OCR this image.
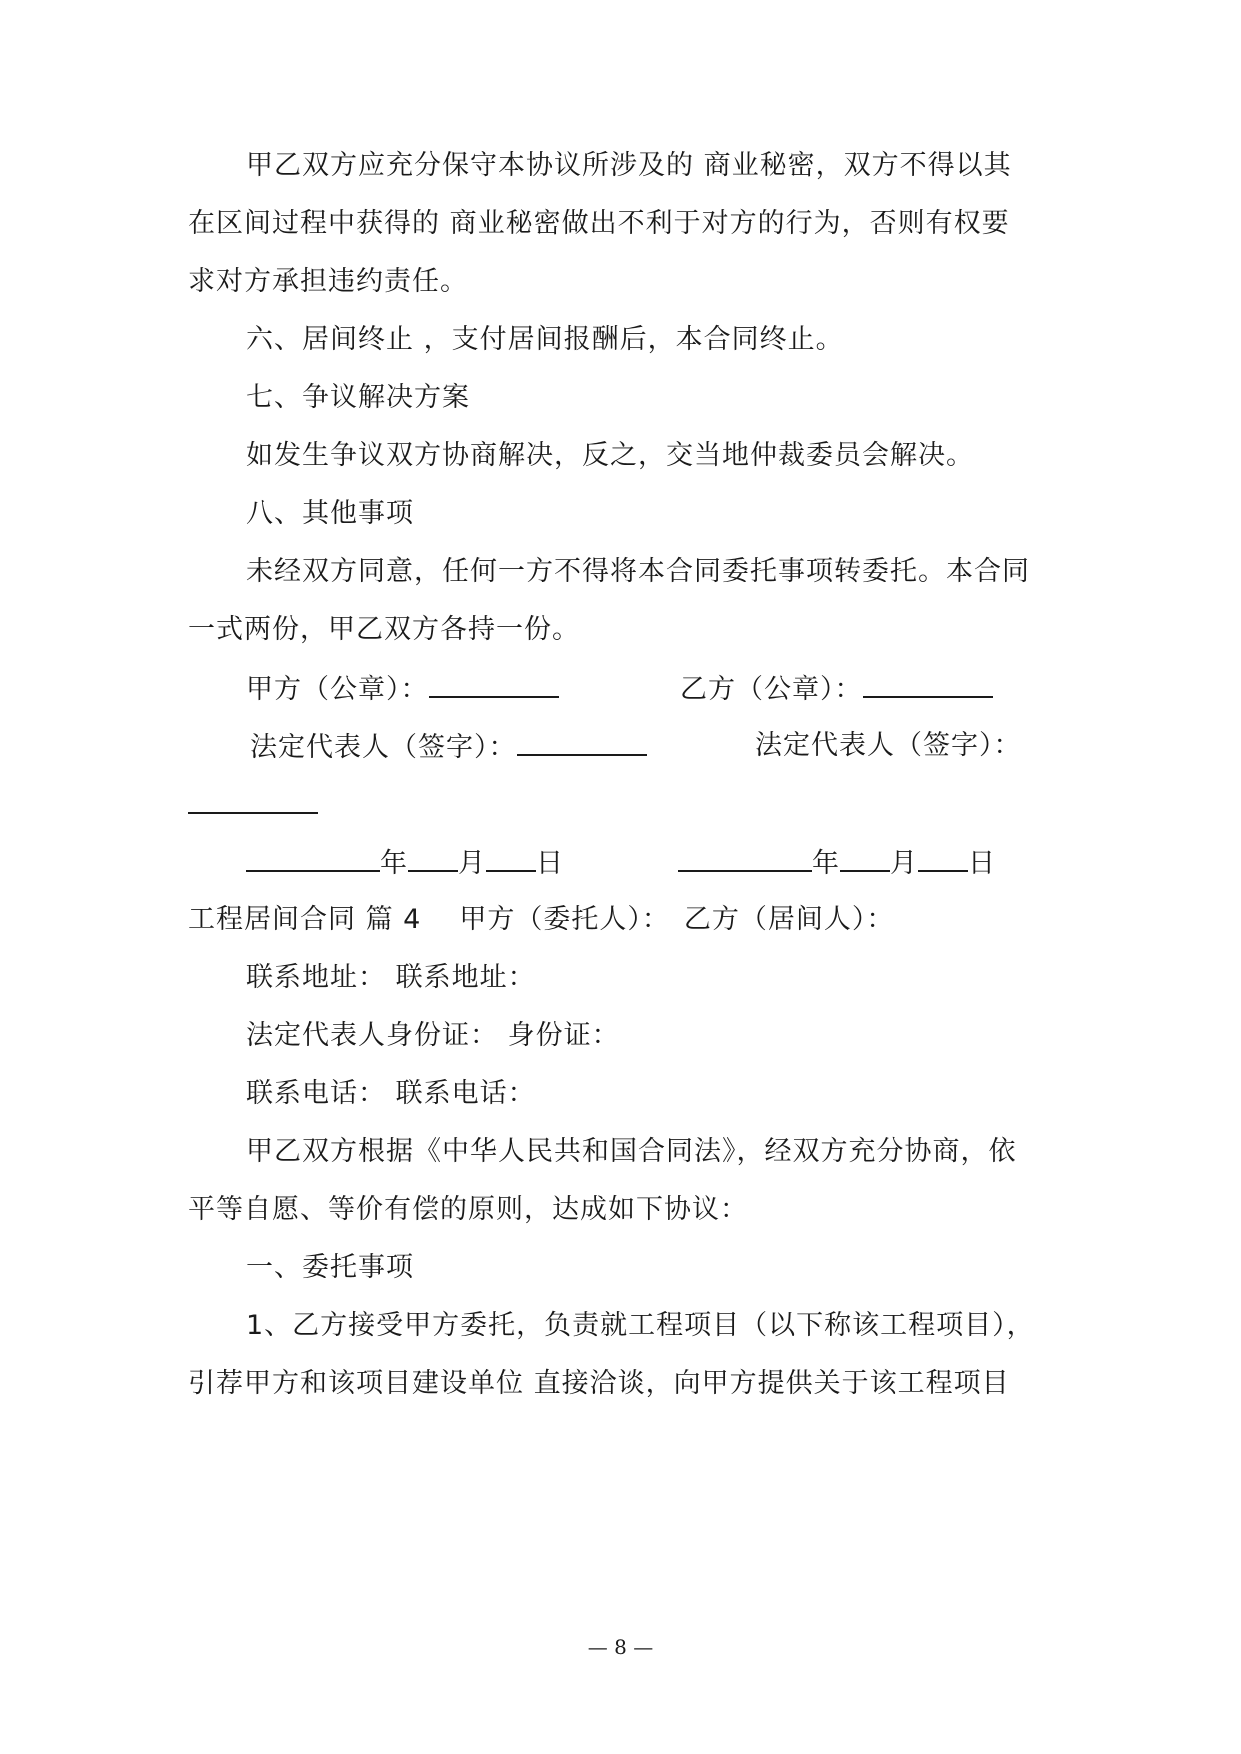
甲乙双方应充分保守本协议所涉及的 商业秘密，双方不得以其
在区间过程中获得的 商业秘密做出不利于对方的行为，否则有权要
求对方承担违约责任。
六、居间终止 ，支付居间报酬后，本合同终止。
七、争议解决方案
如发生争议双方协商解决，反之，交当地仲裁委员会解决。
八、其他事项
未经双方同意，任何一方不得将本合同委托事项转委托。本合同
一式两份，甲乙双方各持一份。
甲方（公章）：	乙方（公章）：
法定代表人（签字）：	法定代表人（签字）：
年 月 日	年 月 日
工程居间合同 篇 4 甲方（委托人）： 乙方（居间人）：
联系地址： 联系地址：
法定代表人身份证： 身份证：
联系电话： 联系电话：
甲乙双方根据《中华人民共和国合同法》，经双方充分协商，依
平等自愿、等价有偿的原则，达成如下协议：
一、委托事项
1、乙方接受甲方委托，负责就工程项目（以下称该工程项目），
引荐甲方和该项目建设单位 直接洽谈，向甲方提供关于该工程项目
— 8 —
